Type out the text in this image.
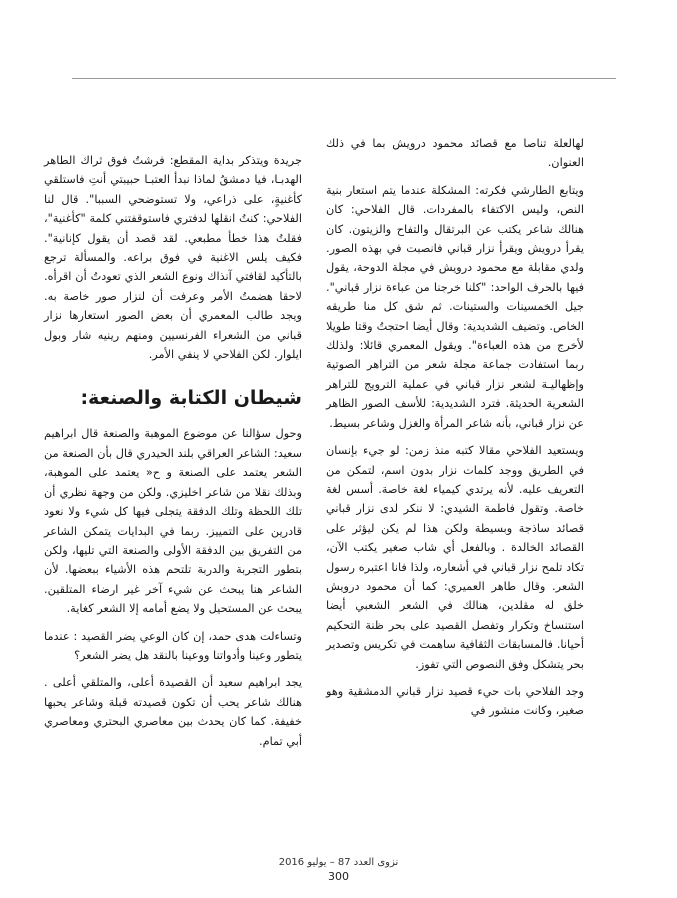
لهالعلة تناصا مع قصائد محمود درويش بما في ذلك العنوان.

ويتابع الطارشي فكرته: المشكلة عندما يتم استعار بنية النص، وليس الاكتفاء بالمفردات. قال الفلاحي: كان هنالك شاعر يكتب عن البرتقال والتفاح والزيتون. كان يقرأ درويش ويقرأ نزار قباني فانصبت في بهذه الصور. ولدي مقابلة مع محمود درويش في مجلة الدوحة، يقول فيها بالحرف الواحد: "كلنا خرجنا من عباءة نزار قباني". جيل الخمسينات والستينات. ثم شق كل منا طريقه الخاص. وتضيف الشديدية: وقال أيضا احتجتُ وقتا طويلا لأخرج من هذه العباءة". ويقول المعمري قائلا: ولذلك ربما استفادت جماعة مجلة شعر من التراهر الصوتية وإظهاليـة لشعر نزار قباني في عملية الترويج للتراهر الشعرية الحديثة. فترد الشديدية: للأسف الصور الظاهر عن نزار قباني، بأنه شاعر المرأة والغزل وشاعر بسيط.

ويستعيد الفلاحي مقالا كتبه منذ زمن: لو جيء بإنسان في الطريق ووجد كلمات نزار بدون اسم، لتمكن من التعريف عليه. لأنه يرتدي كيمياء لغة خاصة. أسس لغة خاصة. وتقول فاطمة الشيدي: لا ننكر لدى نزار قباني قصائد ساذجة وبسيطة ولكن هذا لم يكن ليؤثر على القصائد الخالدة . وبالفعل أي شاب صغير يكتب الآن، تكاد تلمح نزار قباني في أشعاره، ولذا فانا اعتبره رسول الشعر. وقال طاهر العميري: كما أن محمود درويش خلق له مقلدين، هنالك في الشعر الشعبي أيضا استنساخ وتكرار وتفصل القصيد على بحر ظنة التحكيم أحيانا. فالمسابقات الثقافية ساهمت في تكريس وتصدير بحر يتشكل وفق النصوص التي تفوز.

وجد الفلاحي بات حيء قصيد نزار قباني الدمشقية وهو صغير، وكانت منشور في

جريدة ويتذكر بداية المقطع: فرشتُ فوق ثراك الطاهر الهدبـا، فيا دمشقُ لماذا نبدأ العتبـا حبيبتي أنتِ فاستلقي كأغنيةٍ، على ذراعي، ولا تستوضحي السببا". قال لنا الفلاحي: كنتُ انقلها لدفتري فاستوقفتني كلمة "كأغنية"، فقلتُ هذا خطأ مطبعي. لقد قصد أن يقول كإنانية". فكيف يلس الاغنية في فوق براعه. والمسألة ترجع بالتأكيد لقافتي آنذاك ونوع الشعر الذي تعودتُ أن اقرأه. لاحقا هضمتُ الأمر وعرفت أن لنزار صور خاصة به. ويجد طالب المعمري أن بعض الصور استعارها نزار قباني من الشعراء الفرنسيين ومنهم رينيه شار وبول ايلوار. لكن الفلاحي لا ينفي الأمر.

شيطان الكتابة والصنعة:

وحول سؤالنا عن موضوع الموهبة والصنعة قال ابراهيم سعيد: الشاعر العراقي بلند الحيدري قال بأن الصنعة من الشعر يعتمد على الصنعة و ح« يعتمد على الموهبة، وبذلك نقلا من شاعر اخليزي. ولكن من وجهة نظري أن تلك اللحظة وتلك الدفقة يتجلى فيها كل شيء ولا نعود قادرين على التمييز. ربما في البدايات يتمكن الشاعر من التفريق بين الدفقة الأولى والصنعة التي تليها، ولكن بتطور التجربة والدربة تلتحم هذه الأشياء ببعضها. لأن الشاعر هنا يبحث عن شيء آخر غير ارضاء المتلقين. يبحث عن المستحيل ولا يضع أمامه إلا الشعر كغاية.

وتساءلت هدى حمد، إن كان الوعي يضر القصيد : عندما يتطور وعينا وأدواتنا ووعينا بالنقد هل يضر الشعر؟

يجد ابراهيم سعيد أن القصيدة أعلى، والمتلقي أعلى . هنالك شاعر يحب أن تكون قصيدته قبلة وشاعر يحبها خفيفة. كما كان يحدث بين معاصري البحتري ومعاصري أبي تمام.

نزوى العدد 87 – يوليو 2016
300
